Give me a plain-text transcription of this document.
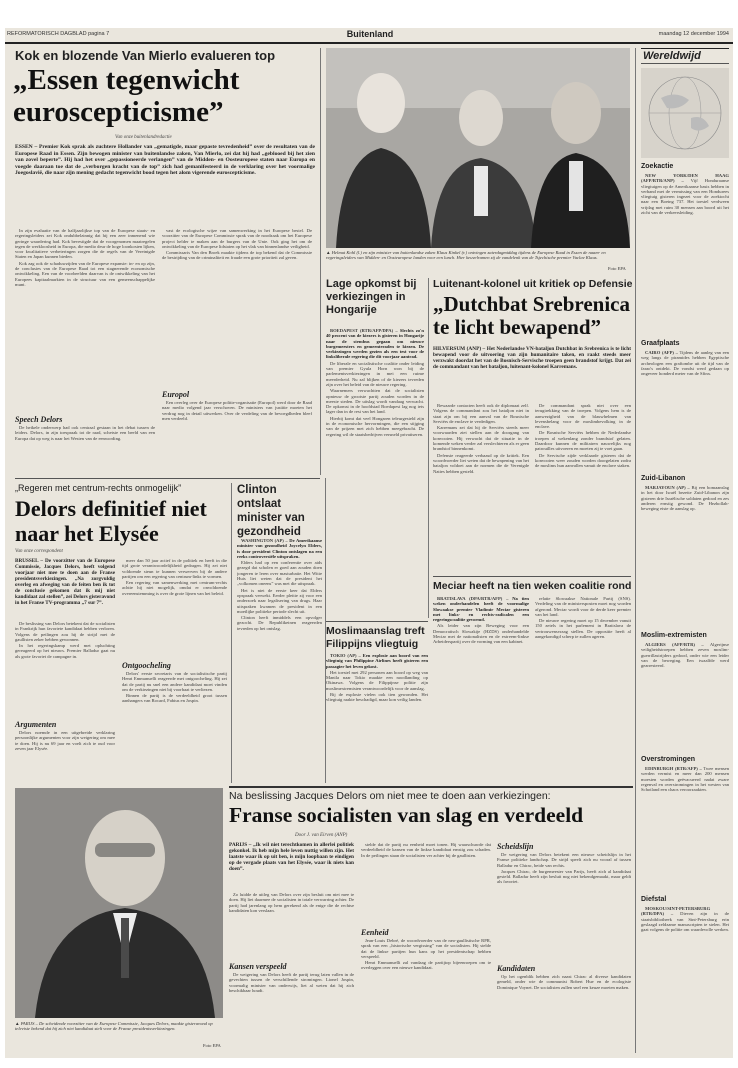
REFORMATORISCH DAGBLAD pagina 7	Buitenland	maandag 12 december 1994
Kok en blozende Van Mierlo evalueren top
„Essen tegenwicht euroscepticisme”
Van onze buitenlandredactie
ESSEN – Premier Kok sprak als zuchtere Hollander van „gematigde, maar gepaste tevredenheid” over de resultaten van de Europese Raad in Essen. Zijn bewogen minister van buitenlandse zaken, Van Mierlo, zei dat hij had „geblooed bij het zien van zovel beperte”. Hij had het over „gepassioneerde verlangen” van de Midden- en Oosteuropese staten naar Europa en voegde daaraan toe dat de „verborgen kracht van de top” zich had gemanifesteerd in de verklaring over het voormalige Joegoslavië, die naar zijn mening gedacht tegenwicht bood tegen het alom vigerende euroscepticisme.

In zijn evaluatie van de halfjaarlijkse top van de Europese staats- en regeringsleiders zei Kok ondubbelzinnig dat hij een zeer inmenend wie geringe waardering had. Kok bevestigde dat de voorgenomen maatregelen tegen de werkloosheid in Europa, die medio deur de hoge loonkosten lijken, voor kwalitatieve verbeteringen zorgen die de regels van de Vereinigde Staten en Japan kunnen bieden.

Kok zag ook de schaduwzijden van de Europese expansie: in- en op zijn, de conclusies van de Europese Raad tot een stagnerende economische ontwikkeling. Een van de voorbeelden daarvan is de ontwikkeling van het Europees kapitaalmarkten in de structuur van een gemeenschappelijke munt.

Speech Delors

De heikele onderwerp had ook centraal gestaan in het debat tussen de leiders. Delors, in zijn toespraak tot de raad, schetste een beeld van een Europa dat op weg is naar het Westen van de eenwording.

vast de ecologische wijze van samenwerking in het Europese bestel. De voorzitter van de Europese Commissie sprak van de noodzaak om het Europese project helder te maken aan de burgers van de Unie. Ook ging het om de ontwikkeling van de Europese lidstaten op het vlak van binnenlandse veiligheid.

Commissaris Van den Broek maakte tijdens de top bekend dat de Commissie de bestrijding van de criminaliteit en fraude een grote prioriteit zal geven.

Europol

Een overleg over de Europese politie-organisatie (Europol) werd door de Raad naar medio volgend jaar verschoven. De ministers van justitie moeten het verdrag nog in detail uitwerken. Over de verdeling van de bevoegdheden bleef men verdeeld.

▲ Helmut Kohl (l.) en zijn minister van buitenlandse zaken Klaus Kinkel (r.) ontvingen zaterdagmiddag tijdens de Europese Raad in Essen de naam- en regeringsleiders van Midden- en Oosteuropese landen voor een lunch. Hier keuvelramen zij de vandelenk van de Tsjechische premier Vaclav Klaus.
Foto EPA
Lage opkomst bij verkiezingen in Hongarije

BOEDAPEST (RTR/AFP/DPA) – Slechts zo'n 40 procent van de kiezers is gisteren in Hongarije naar de stembus gegaan om nieuwe burgemeesters en gemeenteraden te kiezen. De verkiezingen werden gezien als een test voor de linksliberale regering die dit voorjaar aantrad.

De liberale en socialistische coalitie onder leiding van premier Gyula Horn won bij de parlementsverkiezingen in mei een ruime meerderheid. Nu zal blijken of de kiezers tevreden zijn over het beleid van de nieuwe regering.

Waarnemers verwachtten dat de socialisten opnieuw de grootste partij zouden worden in de meeste steden. De uitslag wordt vandaag verwacht. De opkomst in de hoofdstad Boedapest lag nog iets lager dan in de rest van het land.

Hierbij komt dat veel Hongaren teleurgesteld zijn in de economische hervormingen, die een stijging van de prijzen met zich hebben meegebracht. De regering wil de staatsbedrijven versneld privatiseren.

Luitenant-kolonel uit kritiek op Defensie
„Dutchbat Srebrenica te licht bewapend”
HILVERSUM (ANP) – Het Nederlandse VN-bataljon Dutchbat in Srebrenica is te licht bewapend voor de uitvoering van zijn humanitaire taken, en raakt steeds meer verzwakt doordat het van de Bosnisch-Servische troepen geen brandstof krijgt. Dat zei de commandant van het bataljon, luitenant-kolonel Karremans.

Bewaarde contacten heeft ook de diplomaat zelf. Volgens de commandant zou het bataljon niet in staat zijn om bij een aanval van de Bosnische Serviërs de enclave te verdedigen.

Karremans zei dat hij de Serviërs steeds meer voorwaarden ziet stellen aan de doorgang van konvooien. Hij verwacht dat de situatie in de komende weken verder zal verslechteren als er geen brandstof binnenkomt.

Defensie reageerde verbaasd op de kritiek. Een woordvoerder liet weten dat de bewapening van het bataljon voldoet aan de normen die de Verenigde Naties hebben gesteld.

De commandant sprak niet over een terugtrekking van de troepen. Volgens hem is de aanwezigheid van de blauwhelmen van levensbelang voor de moslimbevolking in de enclave.

De Bosnische Serviërs hebben de Nederlandse troepen al wekenlang zonder brandstof gelaten. Daardoor kunnen de militairen nauwelijks nog patrouilles uitvoeren en moeten zij te voet gaan.

De Servische zijde verklaarde gisteren dat de konvooien weer zouden worden doorgelaten zodra de moslims hun aanvallen vanuit de enclave staken.

Meciar heeft na tien weken coalitie rond

BRATISLAVA (DPA/RTR/AFP) – Na tien weken onderhandelen heeft de voormalige Slowaakse premier Vladimir Meciar gisteren met links- en rechts-radicalen een regeringscoalitie gevormd.

Als leider van zijn Beweging voor een Democratisch Slowakije (HZDS) onderhandelde Meciar met de nationalisten en de extreem-linkse Arbeiderspartij over de vorming van een kabinet.

relatie Slowaakse Nationale Partij (SNS). Verdeling van de ministersposten moet nog worden afgerond. Meciar wordt voor de derde keer premier van het land.

De nieuwe regering moet op 15 december vanuit 150 zetels in het parlement in Bratislava de vertrouwensvraag stellen. De oppositie heeft al aangekondigd scherp te zullen ageren.

Wereldwijd
Zoekactie

NEW YORK/DEN HAAG (AFP/RTR/ANP) – Vijf Honduraanse vliegtuigen op de Amerikaanse basis hebben in verband met de vermissing van een Hondurees vliegtuig gisteren ingezet voor de zoektocht naar een Boeing 737. Het toestel verdween vrijdag met ruim 30 mensen aan boord uit het zicht van de verkeersleiding.

Graafplaats

CAIRO (AFP) – Tijdens de aanleg van een weg langs de piramides hebben Egyptische archeologen een graftombe uit de tijd van de farao's ontdekt. De vondst werd gedaan op ongeveer honderd meter van de Sfinx.

Zuid-Libanon

MARJAYOUN (AP) – Bij een bomaanslag in het door Israël bezette Zuid-Libanon zijn gisteren drie Israëlische soldaten gedood en zes anderen ernstig gewond. De Hezbollah-beweging eiste de aanslag op.

Moslim-extremisten

ALGIERS (AFP/RTR) – Algerijnse veiligheidstroepen hebben zeven moslim-guerrillastrijders gedood, onder wie een leider van de beweging. Een twaalfde werd gearresteerd.

Overstromingen

EDINBURGH (RTR/AFP) – Twee mensen werden vermist en meer dan 200 mensen moesten worden geëvacueerd nadat zware regenval en overstromingen in het westen van Schotland een chaos veroorzaakten.

Diefstal

MOSKOU/SINT-PETERSBURG (RTR/DPA) – Dieven zijn in de staatsbibliotheek van Sint-Petersburg erin geslaagd zeldzame manuscripten te stelen. Het gaat volgens de politie om waardevolle werken.

„Regeren met centrum-rechts onmogelijk”
Delors definitief niet naar het Elysée
Van onze correspondent
BRUSSEL – De voorzitter van de Europese Commissie, Jacques Delors, heeft volgend voorjaar niet mee te doen aan de Franse presidentsverkiezingen. „Na zorgvuldig overleg en afweging van de feiten ben ik tot de conclusie gekomen dat ik mij niet kandidaat zal stellen”, zei Delors gisteravond in het Franse TV-programma „7 sur 7”.

De beslissing van Delors betekent dat de socialisten in Frankrijk hun favoriete kandidaat hebben verloren. Volgens de peilingen zou hij de strijd met de gaullisten zeker hebben gewonnen.

In het regeringskamp werd met opluchting gereageerd op het nieuws. Premier Balladur gaat nu als grote favoriet de campagne in.

Argumenten

Delors noemde in een uitgebreide verklaring persoonlijke argumenten voor zijn weigering om mee te doen. Hij is nu 69 jaar en voelt zich te oud voor zeven jaar Elysée.

meer dan 50 jaar actief in de politiek en heeft in die tijd grote verantwoordelijkheid gedragen. Hij zei niet voldoende steun te kunnen verwerven bij de andere partijen om een regering van centrum-links te vormen.

Een regering van samenwerking met centrum-rechts achtte hij niet mogelijk, omdat er onvoldoende overeenstemming is over de grote lijnen van het beleid.

Ontgoocheling

Delors' eerste secretaris van de socialistische partij Henri Emmanuelli reageerde met ontgoocheling. Hij zei dat de partij nu snel een andere kandidaat moet vinden om de verkiezingen niet bij voorbaat te verliezen.

Binnen de partij is de verdeeldheid groot tussen aanhangers van Rocard, Fabius en Jospin.

Clinton ontslaat minister van gezondheid

WASHINGTON (AP) – De Amerikaanse minister van gezondheid Joycelyn Elders, is door president Clinton ontslagen na een reeks controversiële uitspraken.

Elders had op een conferentie over aids gezegd dat scholen er goed aan zouden doen jongeren te leren over masturbatie. Het Witte Huis liet weten dat de president het „volkomen oneens” was met die uitspraak.

Het is niet de eerste keer dat Elders opspraak verwekt. Eerder pleitte zij voor een onderzoek naar legalisering van drugs. Haar uitspraken kwamen de president in een moeilijke politieke periode slecht uit.

Clinton heeft inmiddels een opvolger gezocht. De Republikeinen reageerden tevreden op het ontslag.	Moslimaanslag treft Filippijns vliegtuig

TOKIO (AP) – Een explosie aan boord van een vliegtuig van Philippine Airlines heeft gisteren een passagier het leven gekost.

Het toestel met 292 personen aan boord op weg van Manila naar Tokio maakte een noodlanding op Okinawa. Volgens de Filippijnse politie zijn moslimextremisten verantwoordelijk voor de aanslag.

Bij de explosie vielen ook tien gewonden. Het vliegtuig raakte beschadigd, maar kon veilig landen.

▲ PARIJS – De scheidende voorzitter van de Europese Commissie, Jacques Delors, maakte gisteravond op televisie bekend dat hij zich niet kandidaat stelt voor de Franse presidentsverkiezingen.
Foto EPA
Na beslissing Jacques Delors om niet mee te doen aan verkiezingen:
Franse socialisten van slag en verdeeld
Door J. van Eirven (ANP)
PARIJS – „Ik wil niet terechtkomen in allerlei politiek gekonkel. Ik heb mijn hele leven nuttig willen zijn. Het laatste waar ik op uit ben, is mijn loopbaan te eindigen op de vergade plaats van het Elysée, waar ik niets kan doen”.

Zo luidde de uitleg van Delors over zijn besluit om niet mee te doen. Hij liet daarmee de socialisten in totale verwarring achter. De partij had jarenlang op hem gerekend als de enige die de rechtse kandidaten kon verslaan.

Kansen verspeeld

De weigering van Delors heeft de partij terug laten vallen in de gevechten tussen de verschillende stromingen. Lionel Jospin, voormalig minister van onderwijs, liet al weten dat hij zich beschikbaar houdt.

stelde dat de partij nu eenheid moet tonen. Hij waarschuwde dat verdeeldheid de kansen van de linkse kandidaat ernstig zou schaden. In de peilingen staan de socialisten ver achter bij de gaullisten.

Eenheid

Jean-Louis Debré, de woordvoerder van de neo-gaullistische RPR, sprak van een „historische vergissing” van de socialisten. Hij stelde dat de linkse partijen hun kans op het presidentschap hebben verspeeld.

Henri Emmanuelli zal vandaag de partijtop bijeenroepen om te overleggen over een nieuwe kandidaat.

Scheidslijn

De weigering van Delors betekent een nieuwe scheidslijn in het Franse politieke landschap. De strijd speelt zich nu vooral af tussen Balladur en Chirac, beide van rechts.

Jacques Chirac, de burgemeester van Parijs, heeft zich al kandidaat gesteld. Balladur heeft zijn besluit nog niet bekendgemaakt, maar geldt als favoriet.

Kandidaten

Op het ogenblik hebben zich naast Chirac al diverse kandidaten gemeld, onder wie de communist Robert Hue en de ecologiste Dominique Voynet. De socialisten zullen snel een keuze moeten maken.
